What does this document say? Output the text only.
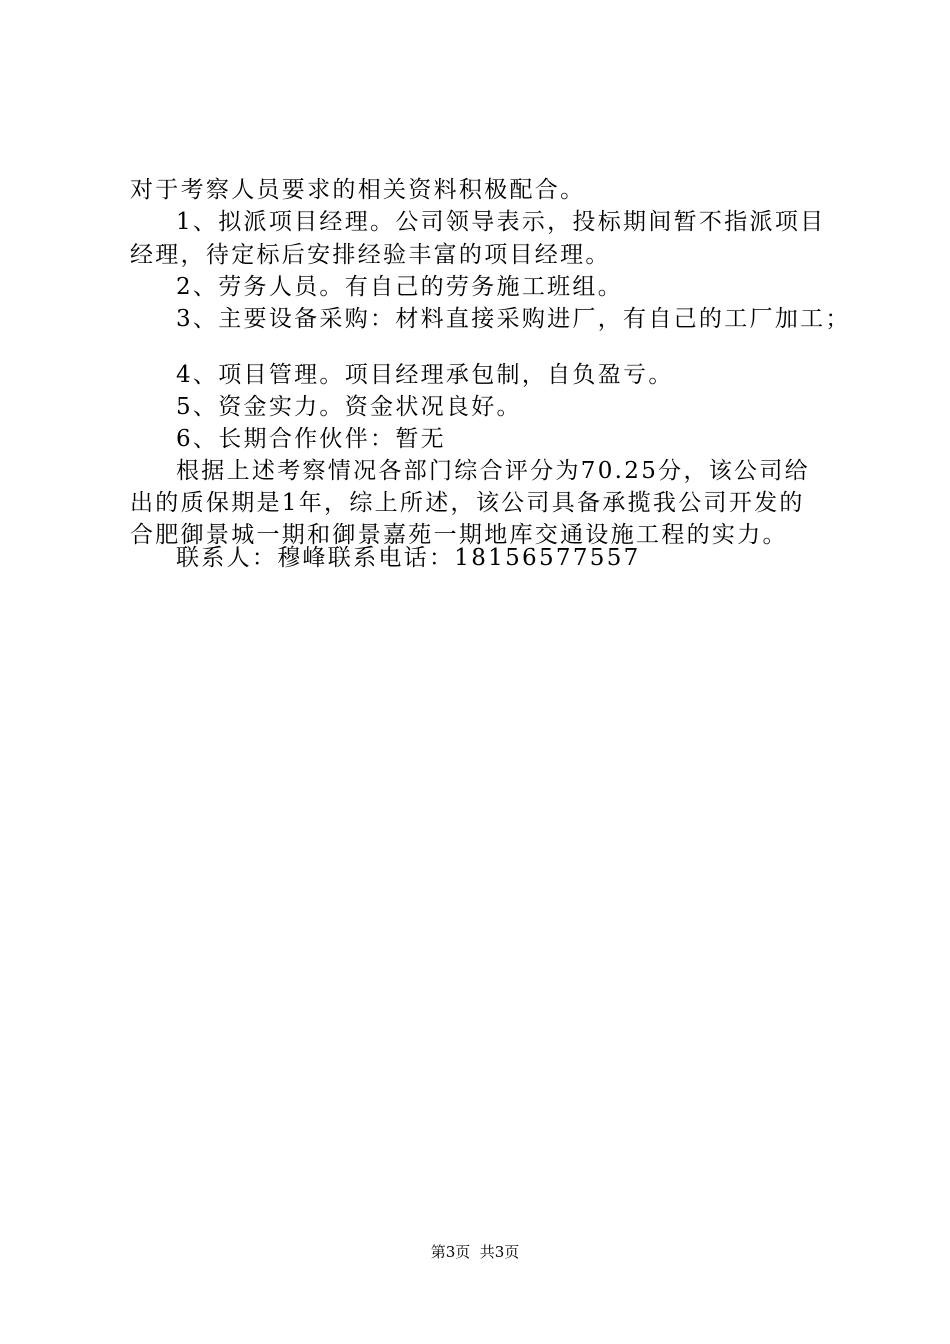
对于考察人员要求的相关资料积极配合。
1、拟派项目经理。公司领导表示，投标期间暂不指派项目
经理，待定标后安排经验丰富的项目经理。
2、劳务人员。有自己的劳务施工班组。
3、主要设备采购：材料直接采购进厂，有自己的工厂加工；
4、项目管理。项目经理承包制，自负盈亏。
5、资金实力。资金状况良好。
6、长期合作伙伴：暂无
根据上述考察情况各部门综合评分为70.25分，该公司给
出的质保期是1年，综上所述，该公司具备承揽我公司开发的
合肥御景城一期和御景嘉苑一期地库交通设施工程的实力。
联系人：穆峰联系电话：18156577557
第3页  共3页
